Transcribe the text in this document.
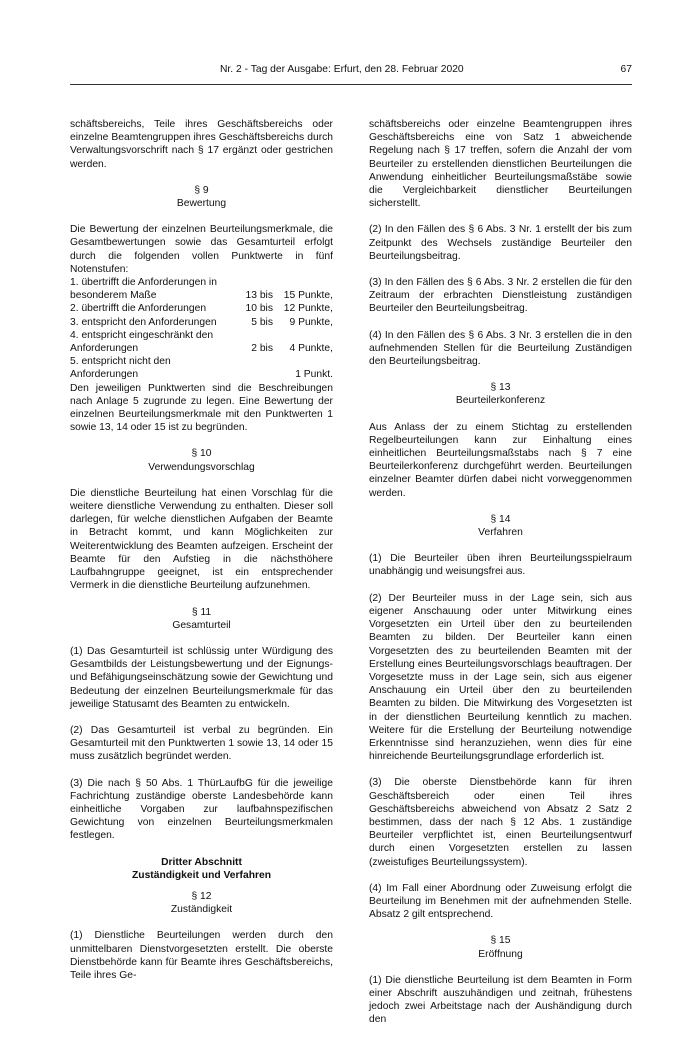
Nr. 2 - Tag der Ausgabe: Erfurt, den 28. Februar 2020	67

schäftsbereichs, Teile ihres Geschäftsbereichs oder einzelne Beamtengruppen ihres Geschäftsbereichs durch Verwaltungsvorschrift nach § 17 ergänzt oder gestrichen werden.

§ 9
Bewertung

Die Bewertung der einzelnen Beurteilungsmerkmale, die Gesamtbewertungen sowie das Gesamturteil erfolgt durch die folgenden vollen Punktwerte in fünf Notenstufen:

1. übertrifft die Anforderungen in besonderem Maße	13 bis	15 Punkte,
2. übertrifft die Anforderungen	10 bis	12 Punkte,
3. entspricht den Anforderungen	5 bis	9 Punkte,
4. entspricht eingeschränkt den Anforderungen	2 bis	4 Punkte,
5. entspricht nicht den Anforderungen	1 Punkt.

Den jeweiligen Punktwerten sind die Beschreibungen nach Anlage 5 zugrunde zu legen. Eine Bewertung der einzelnen Beurteilungsmerkmale mit den Punktwerten 1 sowie 13, 14 oder 15 ist zu begründen.

§ 10
Verwendungsvorschlag

Die dienstliche Beurteilung hat einen Vorschlag für die weitere dienstliche Verwendung zu enthalten. Dieser soll darlegen, für welche dienstlichen Aufgaben der Beamte in Betracht kommt, und kann Möglichkeiten zur Weiterentwicklung des Beamten aufzeigen. Erscheint der Beamte für den Aufstieg in die nächsthöhere Laufbahngruppe geeignet, ist ein entsprechender Vermerk in die dienstliche Beurteilung aufzunehmen.

§ 11
Gesamturteil

(1) Das Gesamturteil ist schlüssig unter Würdigung des Gesamtbilds der Leistungsbewertung und der Eignungs- und Befähigungseinschätzung sowie der Gewichtung und Bedeutung der einzelnen Beurteilungsmerkmale für das jeweilige Statusamt des Beamten zu entwickeln.

(2) Das Gesamturteil ist verbal zu begründen. Ein Gesamturteil mit den Punktwerten 1 sowie 13, 14 oder 15 muss zusätzlich begründet werden.

(3) Die nach § 50 Abs. 1 ThürLaufbG für die jeweilige Fachrichtung zuständige oberste Landesbehörde kann einheitliche Vorgaben zur laufbahnspezifischen Gewichtung von einzelnen Beurteilungsmerkmalen festlegen.

Dritter Abschnitt
Zuständigkeit und Verfahren
§ 12
Zuständigkeit

(1) Dienstliche Beurteilungen werden durch den unmittelbaren Dienstvorgesetzten erstellt. Die oberste Dienstbehörde kann für Beamte ihres Geschäftsbereichs, Teile ihres Ge-

schäftsbereichs oder einzelne Beamtengruppen ihres Geschäftsbereichs eine von Satz 1 abweichende Regelung nach § 17 treffen, sofern die Anzahl der vom Beurteiler zu erstellenden dienstlichen Beurteilungen die Anwendung einheitlicher Beurteilungsmaßstäbe sowie die Vergleichbarkeit dienstlicher Beurteilungen sicherstellt.

(2) In den Fällen des § 6 Abs. 3 Nr. 1 erstellt der bis zum Zeitpunkt des Wechsels zuständige Beurteiler den Beurteilungsbeitrag.

(3) In den Fällen des § 6 Abs. 3 Nr. 2 erstellen die für den Zeitraum der erbrachten Dienstleistung zuständigen Beurteiler den Beurteilungsbeitrag.

(4) In den Fällen des § 6 Abs. 3 Nr. 3 erstellen die in den aufnehmenden Stellen für die Beurteilung Zuständigen den Beurteilungsbeitrag.

§ 13
Beurteilerkonferenz

Aus Anlass der zu einem Stichtag zu erstellenden Regelbeurteilungen kann zur Einhaltung eines einheitlichen Beurteilungsmaßstabs nach § 7 eine Beurteilerkonferenz durchgeführt werden. Beurteilungen einzelner Beamter dürfen dabei nicht vorweggenommen werden.

§ 14
Verfahren

(1) Die Beurteiler üben ihren Beurteilungsspielraum unabhängig und weisungsfrei aus.

(2) Der Beurteiler muss in der Lage sein, sich aus eigener Anschauung oder unter Mitwirkung eines Vorgesetzten ein Urteil über den zu beurteilenden Beamten zu bilden. Der Beurteiler kann einen Vorgesetzten des zu beurteilenden Beamten mit der Erstellung eines Beurteilungsvorschlags beauftragen. Der Vorgesetzte muss in der Lage sein, sich aus eigener Anschauung ein Urteil über den zu beurteilenden Beamten zu bilden. Die Mitwirkung des Vorgesetzten ist in der dienstlichen Beurteilung kenntlich zu machen. Weitere für die Erstellung der Beurteilung notwendige Erkenntnisse sind heranzuziehen, wenn dies für eine hinreichende Beurteilungsgrundlage erforderlich ist.

(3) Die oberste Dienstbehörde kann für ihren Geschäftsbereich oder einen Teil ihres Geschäftsbereichs abweichend von Absatz 2 Satz 2 bestimmen, dass der nach § 12 Abs. 1 zuständige Beurteiler verpflichtet ist, einen Beurteilungsentwurf durch einen Vorgesetzten erstellen zu lassen (zweistufiges Beurteilungssystem).

(4) Im Fall einer Abordnung oder Zuweisung erfolgt die Beurteilung im Benehmen mit der aufnehmenden Stelle. Absatz 2 gilt entsprechend.

§ 15
Eröffnung

(1) Die dienstliche Beurteilung ist dem Beamten in Form einer Abschrift auszuhändigen und zeitnah, frühestens jedoch zwei Arbeitstage nach der Aushändigung durch den
